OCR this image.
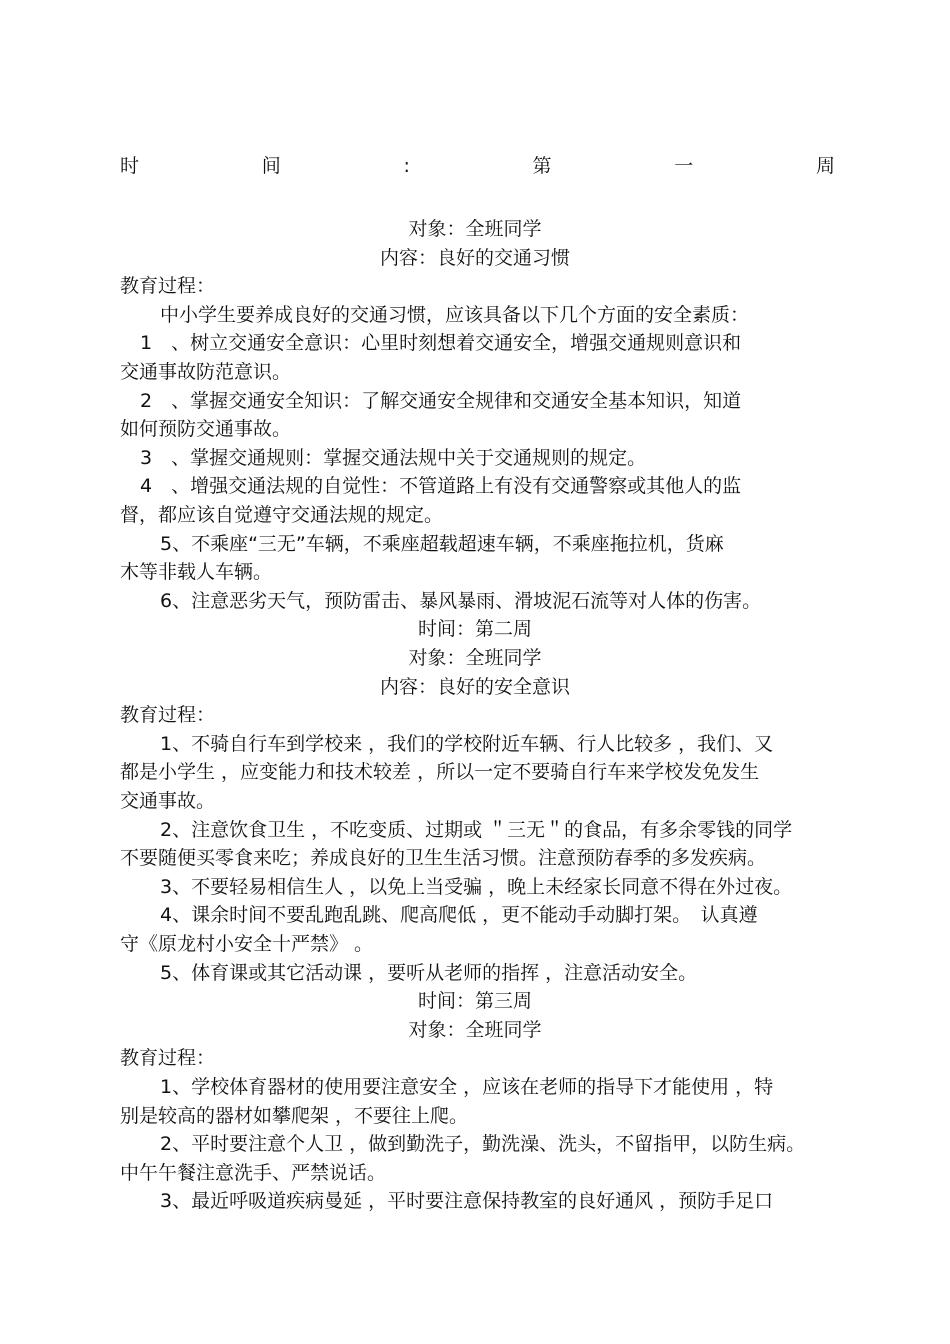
时	间	:	第	一	周
对象：全班同学
内容：良好的交通习惯
教育过程：
中小学生要养成良好的交通习惯，应该具备以下几个方面的安全素质：
1　、树立交通安全意识：心里时刻想着交通安全，增强交通规则意识和
交通事故防范意识。
2　、掌握交通安全知识：了解交通安全规律和交通安全基本知识，知道
如何预防交通事故。
3　、掌握交通规则：掌握交通法规中关于交通规则的规定。
4　、增强交通法规的自觉性：不管道路上有没有交通警察或其他人的监
督，都应该自觉遵守交通法规的规定。
5、不乘座“三无”车辆，不乘座超载超速车辆，不乘座拖拉机，货麻
木等非载人车辆。
6、注意恶劣天气，预防雷击、暴风暴雨、滑坡泥石流等对人体的伤害。
时间：第二周
对象：全班同学
内容：良好的安全意识
教育过程：
1、不骑自行车到学校来 ，我们的学校附近车辆、行人比较多 ，我们、又
都是小学生 ，应变能力和技术较差 ，所以一定不要骑自行车来学校发免发生
交通事故。
2、注意饮食卫生 ，不吃变质、过期或 ＂三无＂的食品，有多余零钱的同学
不要随便买零食来吃；养成良好的卫生生活习惯。注意预防春季的多发疾病。
3、不要轻易相信生人 ，以免上当受骗 ，晚上未经家长同意不得在外过夜。
4、课余时间不要乱跑乱跳、爬高爬低 ，更不能动手动脚打架。　认真遵
守《原龙村小安全十严禁》 。
5、体育课或其它活动课 ，要听从老师的指挥 ，注意活动安全。
时间：第三周
对象：全班同学
教育过程：
1、学校体育器材的使用要注意安全 ，应该在老师的指导下才能使用 ，特
别是较高的器材如攀爬架 ，不要往上爬。
2、平时要注意个人卫 ，做到勤洗子，勤洗澡、洗头，不留指甲，以防生病。
中午午餐注意洗手、严禁说话。
3、最近呼吸道疾病曼延 ，平时要注意保持教室的良好通风 ，预防手足口
